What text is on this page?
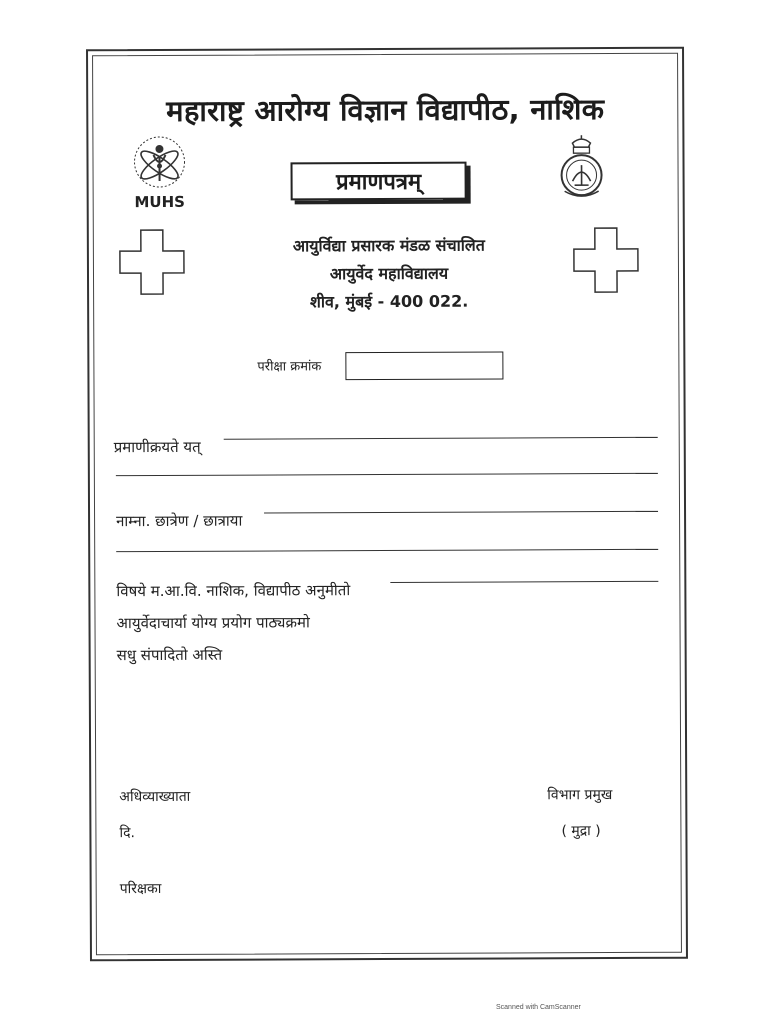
महाराष्ट्र आरोग्य विज्ञान विद्यापीठ, नाशिक
MUHS
प्रमाणपत्रम्
आयुर्विद्या प्रसारक मंडळ संचालित
आयुर्वेद महाविद्यालय
शीव, मुंबई - 400 022.
परीक्षा क्रमांक
प्रमाणीक्रयते यत्
नाम्ना. छात्रेण / छात्राया
विषये म.आ.वि. नाशिक, विद्यापीठ अनुमीतो
आयुर्वेदाचार्या योग्य प्रयोग पाठ्यक्रमो
सधु संपादितो अस्ति
अधिव्याख्याता	विभाग प्रमुख
दि.	( मुद्रा )
परिक्षका
Scanned with CamScanner
